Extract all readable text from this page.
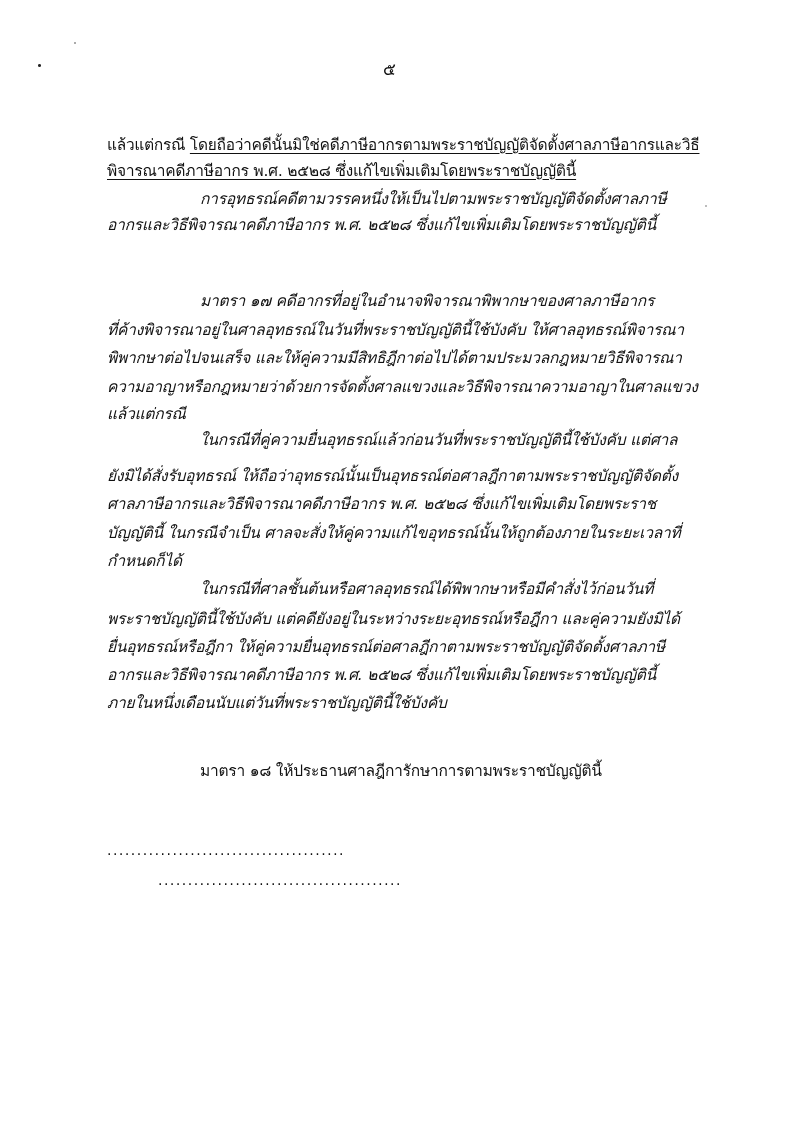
๕
แล้วแต่กรณี โดยถือว่าคดีนั้นมิใช่คดีภาษีอากรตามพระราชบัญญัติจัดตั้งศาลภาษีอากรและวิธี
พิจารณาคดีภาษีอากร พ.ศ. ๒๕๒๘ ซึ่งแก้ไขเพิ่มเติมโดยพระราชบัญญัตินี้
การอุทธรณ์คดีตามวรรคหนึ่งให้เป็นไปตามพระราชบัญญัติจัดตั้งศาลภาษี
อากรและวิธีพิจารณาคดีภาษีอากร พ.ศ. ๒๕๒๘ ซึ่งแก้ไขเพิ่มเติมโดยพระราชบัญญัตินี้
มาตรา ๑๗ คดีอากรที่อยู่ในอำนาจพิจารณาพิพากษาของศาลภาษีอากร
ที่ค้างพิจารณาอยู่ในศาลอุทธรณ์ในวันที่พระราชบัญญัตินี้ใช้บังคับ ให้ศาลอุทธรณ์พิจารณา
พิพากษาต่อไปจนเสร็จ และให้คู่ความมีสิทธิฎีกาต่อไปได้ตามประมวลกฎหมายวิธีพิจารณา
ความอาญาหรือกฎหมายว่าด้วยการจัดตั้งศาลแขวงและวิธีพิจารณาความอาญาในศาลแขวง
แล้วแต่กรณี
ในกรณีที่คู่ความยื่นอุทธรณ์แล้วก่อนวันที่พระราชบัญญัตินี้ใช้บังคับ แต่ศาล
ยังมิได้สั่งรับอุทธรณ์ ให้ถือว่าอุทธรณ์นั้นเป็นอุทธรณ์ต่อศาลฎีกาตามพระราชบัญญัติจัดตั้ง
ศาลภาษีอากรและวิธีพิจารณาคดีภาษีอากร พ.ศ. ๒๕๒๘ ซึ่งแก้ไขเพิ่มเติมโดยพระราช
บัญญัตินี้ ในกรณีจำเป็น ศาลจะสั่งให้คู่ความแก้ไขอุทธรณ์นั้นให้ถูกต้องภายในระยะเวลาที่
กำหนดก็ได้
ในกรณีที่ศาลชั้นต้นหรือศาลอุทธรณ์ได้พิพากษาหรือมีคำสั่งไว้ก่อนวันที่
พระราชบัญญัตินี้ใช้บังคับ แต่คดียังอยู่ในระหว่างระยะอุทธรณ์หรือฎีกา และคู่ความยังมิได้
ยื่นอุทธรณ์หรือฎีกา ให้คู่ความยื่นอุทธรณ์ต่อศาลฎีกาตามพระราชบัญญัติจัดตั้งศาลภาษี
อากรและวิธีพิจารณาคดีภาษีอากร พ.ศ. ๒๕๒๘ ซึ่งแก้ไขเพิ่มเติมโดยพระราชบัญญัตินี้
ภายในหนึ่งเดือนนับแต่วันที่พระราชบัญญัตินี้ใช้บังคับ
มาตรา ๑๘ ให้ประธานศาลฎีการักษาการตามพระราชบัญญัตินี้
........................................
.........................................
